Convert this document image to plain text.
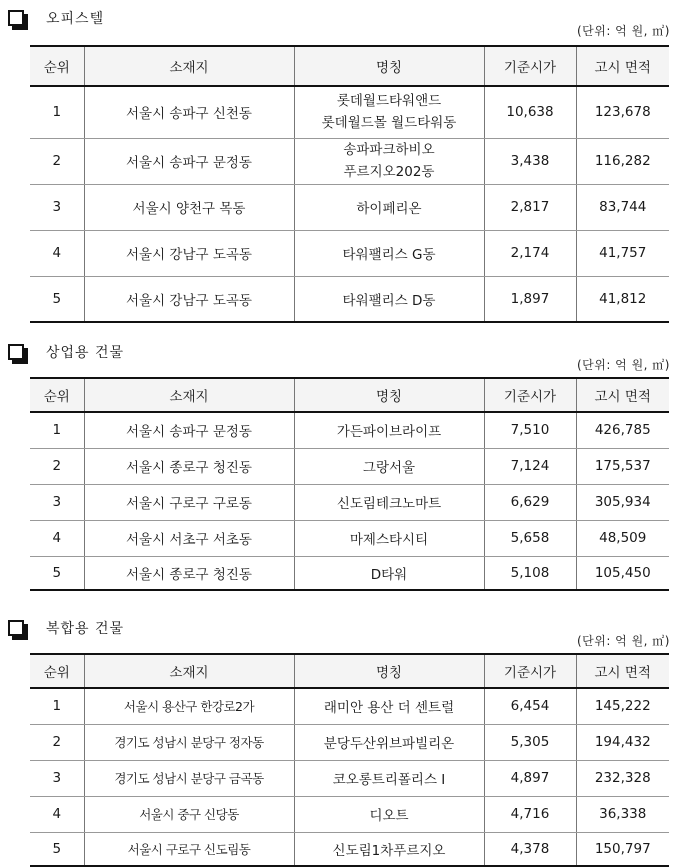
오피스텔
(단위: 억 원, ㎡)
순위	소재지	명칭	기준시가	고시 면적
1	서울시 송파구 신천동	롯데월드타워앤드
롯데월드몰 월드타워동	10,638	123,678
2	서울시 송파구 문정동	송파파크하비오
푸르지오202동	3,438	116,282
3	서울시 양천구 목동	하이페리온	2,817	83,744
4	서울시 강남구 도곡동	타워팰리스 G동	2,174	41,757
5	서울시 강남구 도곡동	타워팰리스 D동	1,897	41,812
상업용 건물
(단위: 억 원, ㎡)
순위	소재지	명칭	기준시가	고시 면적
1	서울시 송파구 문정동	가든파이브라이프	7,510	426,785
2	서울시 종로구 청진동	그랑서울	7,124	175,537
3	서울시 구로구 구로동	신도림테크노마트	6,629	305,934
4	서울시 서초구 서초동	마제스타시티	5,658	48,509
5	서울시 종로구 청진동	D타워	5,108	105,450
복합용 건물
(단위: 억 원, ㎡)
순위	소재지	명칭	기준시가	고시 면적
1	서울시 용산구 한강로2가	래미안 용산 더 센트럴	6,454	145,222
2	경기도 성남시 분당구 정자동	분당두산위브파빌리온	5,305	194,432
3	경기도 성남시 분당구 금곡동	코오롱트리폴리스 I	4,897	232,328
4	서울시 중구 신당동	디오트	4,716	36,338
5	서울시 구로구 신도림동	신도림1차푸르지오	4,378	150,797
